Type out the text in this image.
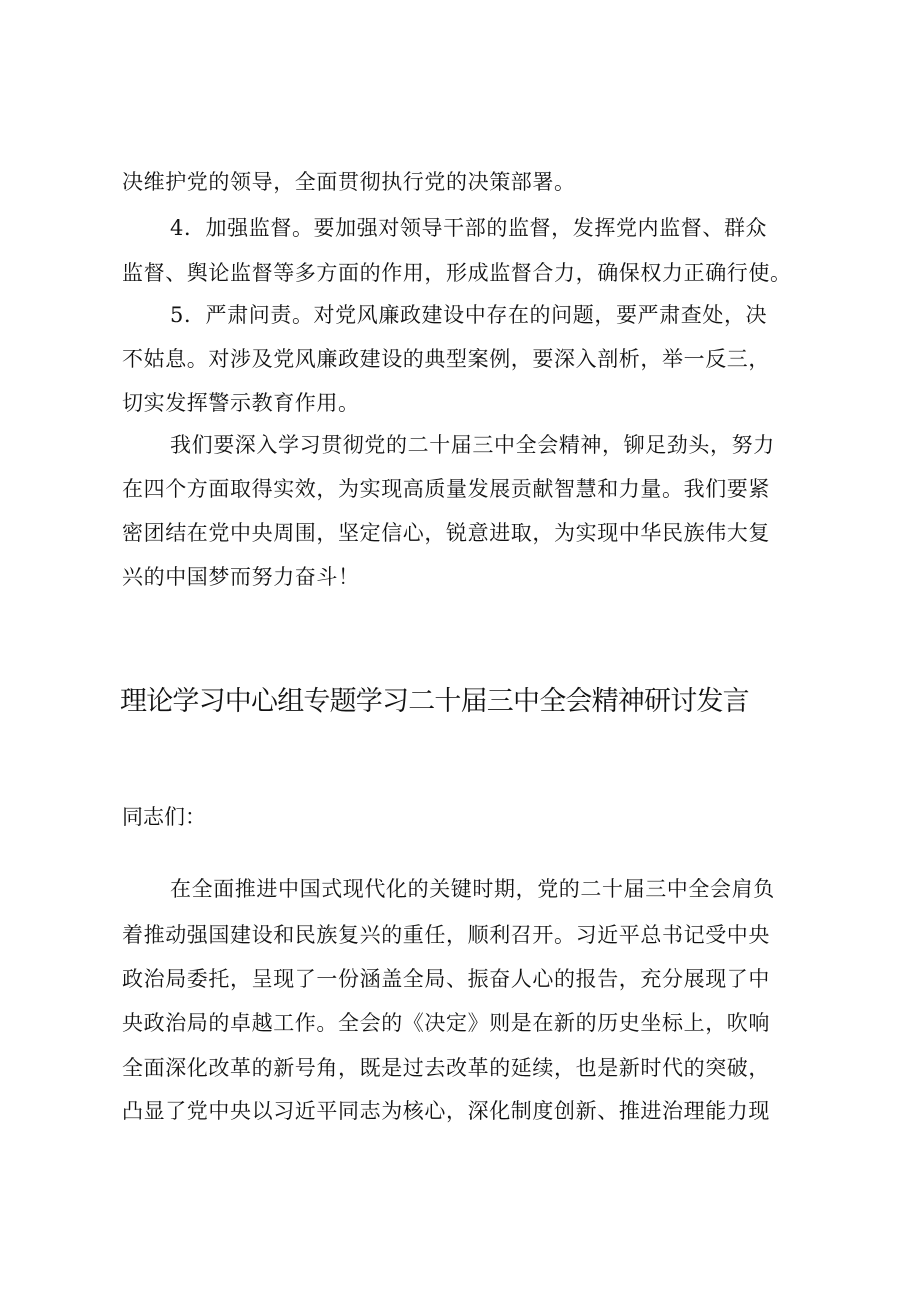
决维护党的领导，全面贯彻执行党的决策部署。
4．加强监督。要加强对领导干部的监督，发挥党内监督、群众
监督、舆论监督等多方面的作用，形成监督合力，确保权力正确行使。
5．严肃问责。对党风廉政建设中存在的问题，要严肃查处，决
不姑息。对涉及党风廉政建设的典型案例，要深入剖析，举一反三，
切实发挥警示教育作用。
我们要深入学习贯彻党的二十届三中全会精神，铆足劲头，努力
在四个方面取得实效，为实现高质量发展贡献智慧和力量。我们要紧
密团结在党中央周围，坚定信心，锐意进取，为实现中华民族伟大复
兴的中国梦而努力奋斗！
理论学习中心组专题学习二十届三中全会精神研讨发言
同志们：
在全面推进中国式现代化的关键时期，党的二十届三中全会肩负
着推动强国建设和民族复兴的重任，顺利召开。习近平总书记受中央
政治局委托，呈现了一份涵盖全局、振奋人心的报告，充分展现了中
央政治局的卓越工作。全会的《决定》则是在新的历史坐标上，吹响
全面深化改革的新号角，既是过去改革的延续，也是新时代的突破，
凸显了党中央以习近平同志为核心，深化制度创新、推进治理能力现
